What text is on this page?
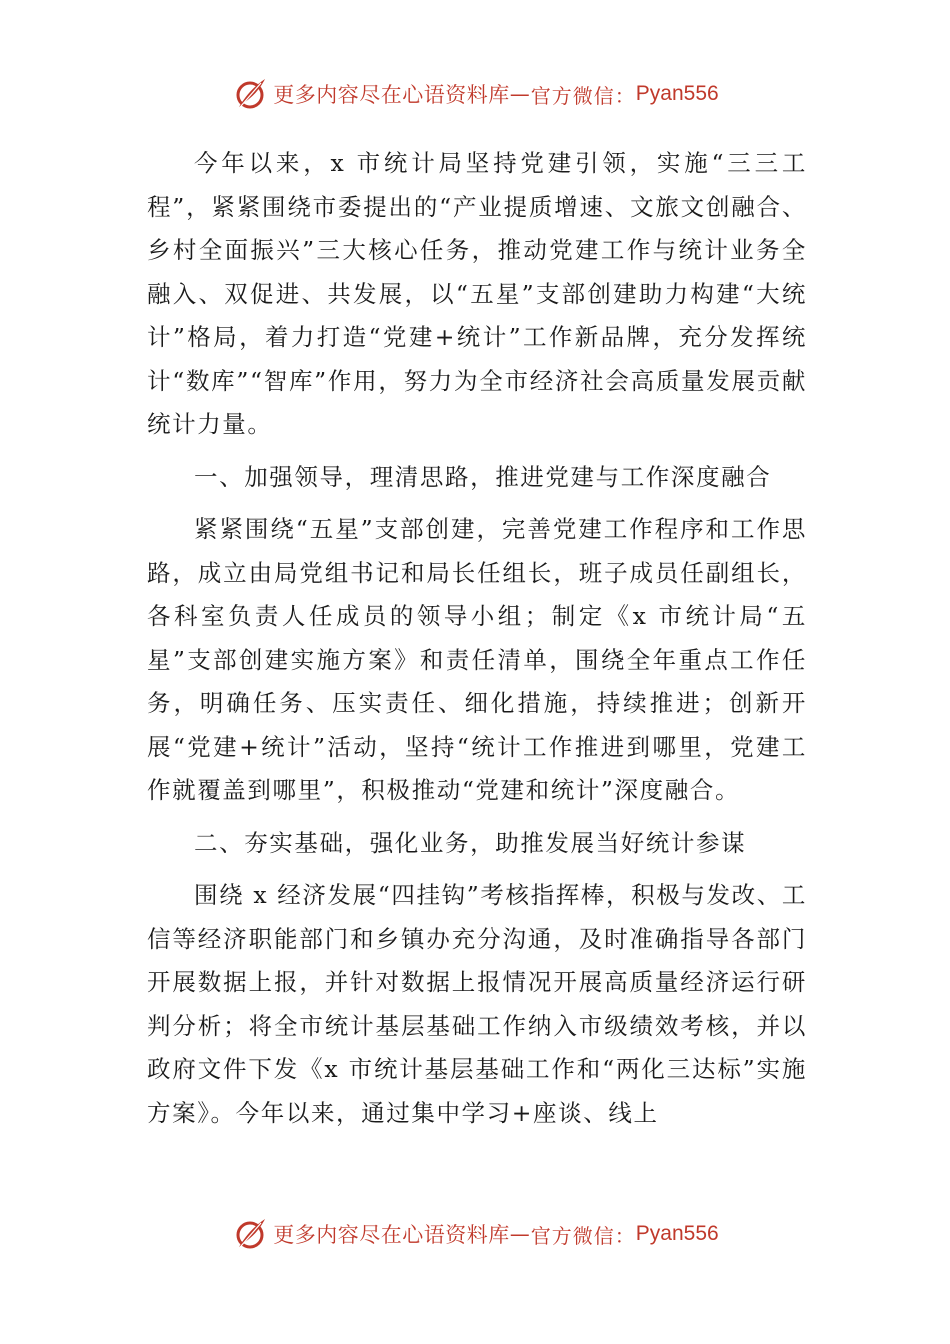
更多内容尽在心语资料库 — 官方微信： Pyan556

今年以来，x 市统计局坚持党建引领，实施“三三工程”，紧紧围绕市委提出的“产业提质增速、文旅文创融合、乡村全面振兴”三大核心任务，推动党建工作与统计业务全融入、双促进、共发展，以“五星”支部创建助力构建“大统计”格局，着力打造“党建+统计”工作新品牌，充分发挥统计“数库”“智库”作用，努力为全市经济社会高质量发展贡献统计力量。

一、加强领导，理清思路，推进党建与工作深度融合

紧紧围绕“五星”支部创建，完善党建工作程序和工作思路，成立由局党组书记和局长任组长，班子成员任副组长，各科室负责人任成员的领导小组；制定《x 市统计局“五星”支部创建实施方案》和责任清单，围绕全年重点工作任务，明确任务、压实责任、细化措施，持续推进；创新开展“党建+统计”活动，坚持“统计工作推进到哪里，党建工作就覆盖到哪里”，积极推动“党建和统计”深度融合。

二、夯实基础，强化业务，助推发展当好统计参谋

围绕 x 经济发展“四挂钩”考核指挥棒，积极与发改、工信等经济职能部门和乡镇办充分沟通，及时准确指导各部门开展数据上报，并针对数据上报情况开展高质量经济运行研判分析；将全市统计基层基础工作纳入市级绩效考核，并以政府文件下发《x 市统计基层基础工作和“两化三达标”实施方案》。今年以来，通过集中学习+座谈、线上

更多内容尽在心语资料库 — 官方微信： Pyan556
